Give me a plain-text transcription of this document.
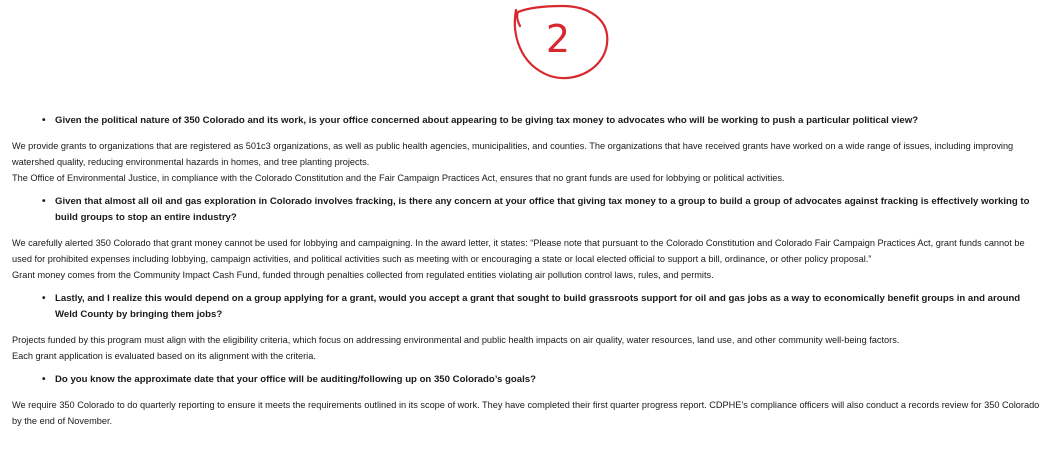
2
• Given the political nature of 350 Colorado and its work, is your office concerned about appearing to be giving tax money to advocates who will be working to push a particular political view?

We provide grants to organizations that are registered as 501c3 organizations, as well as public health agencies, municipalities, and counties. The organizations that have received grants have worked on a wide range of issues, including improving watershed quality, reducing environmental hazards in homes, and tree planting projects.

The Office of Environmental Justice, in compliance with the Colorado Constitution and the Fair Campaign Practices Act, ensures that no grant funds are used for lobbying or political activities.

• Given that almost all oil and gas exploration in Colorado involves fracking, is there any concern at your office that giving tax money to a group to build a group of advocates against fracking is effectively working to build groups to stop an entire industry?

We carefully alerted 350 Colorado that grant money cannot be used for lobbying and campaigning. In the award letter, it states: “Please note that pursuant to the Colorado Constitution and Colorado Fair Campaign Practices Act, grant funds cannot be used for prohibited expenses including lobbying, campaign activities, and political activities such as meeting with or encouraging a state or local elected official to support a bill, ordinance, or other policy proposal.”

Grant money comes from the Community Impact Cash Fund, funded through penalties collected from regulated entities violating air pollution control laws, rules, and permits.

• Lastly, and I realize this would depend on a group applying for a grant, would you accept a grant that sought to build grassroots support for oil and gas jobs as a way to economically benefit groups in and around Weld County by bringing them jobs?

Projects funded by this program must align with the eligibility criteria, which focus on addressing environmental and public health impacts on air quality, water resources, land use, and other community well-being factors.

Each grant application is evaluated based on its alignment with the criteria.

• Do you know the approximate date that your office will be auditing/following up on 350 Colorado’s goals?

We require 350 Colorado to do quarterly reporting to ensure it meets the requirements outlined in its scope of work. They have completed their first quarter progress report. CDPHE’s compliance officers will also conduct a records review for 350 Colorado by the end of November.
